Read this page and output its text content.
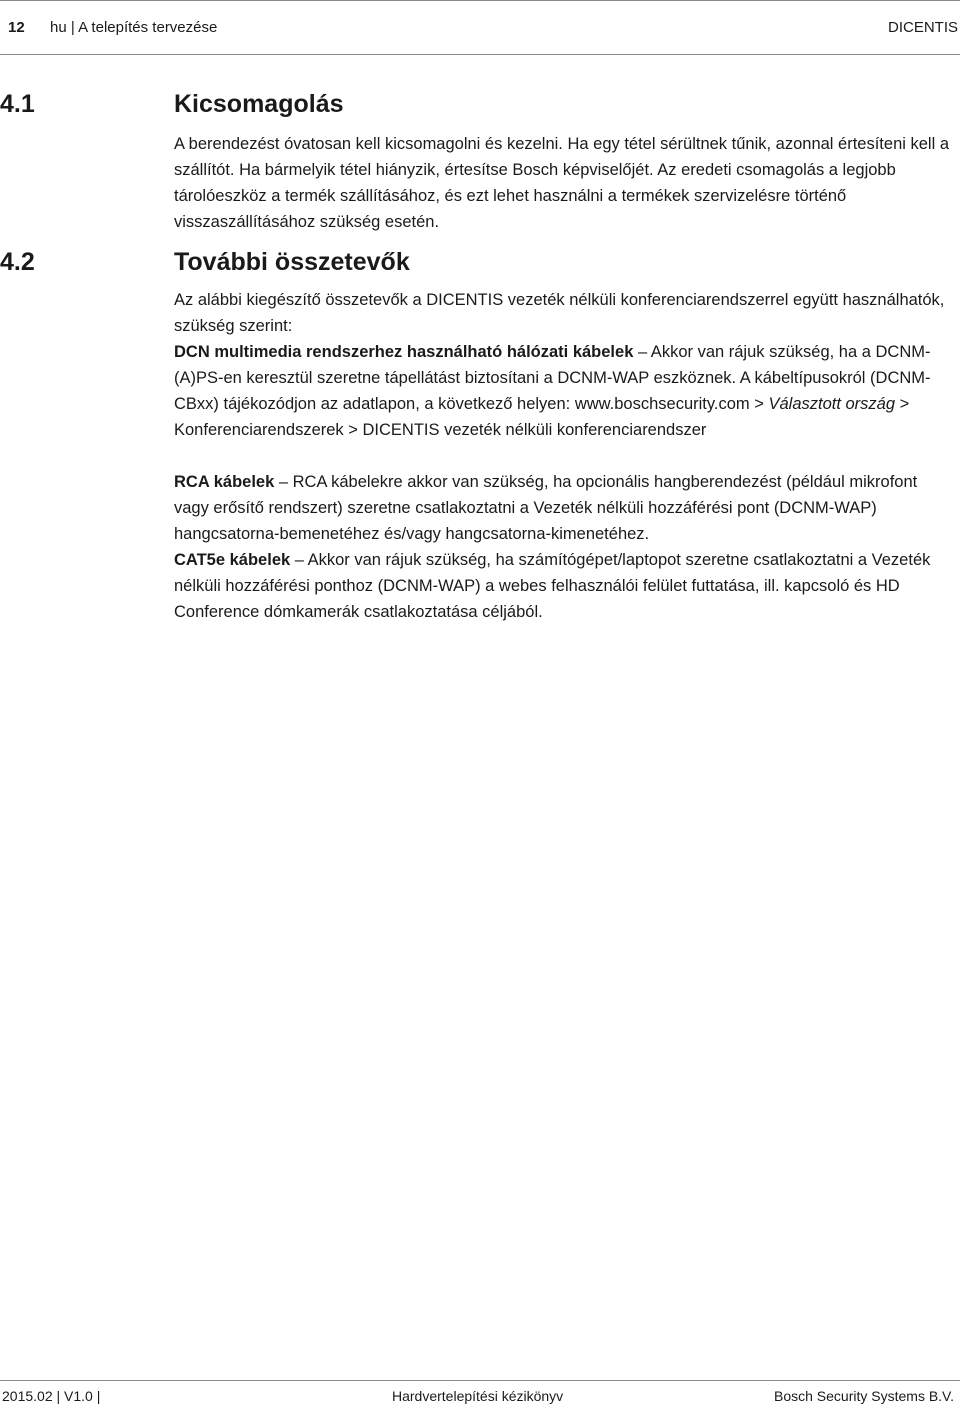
12 hu | A telepítés tervezése	DICENTIS
4.1	Kicsomagolás

A berendezést óvatosan kell kicsomagolni és kezelni. Ha egy tétel sérültnek tűnik, azonnal értesíteni kell a szállítót. Ha bármelyik tétel hiányzik, értesítse Bosch képviselőjét. Az eredeti csomagolás a legjobb tárolóeszköz a termék szállításához, és ezt lehet használni a termékek szervizelésre történő visszaszállításához szükség esetén.

4.2	További összetevők

Az alábbi kiegészítő összetevők a DICENTIS vezeték nélküli konferenciarendszerrel együtt használhatók, szükség szerint:

DCN multimedia rendszerhez használható hálózati kábelek – Akkor van rájuk szükség, ha a DCNM-(A)PS-en keresztül szeretne tápellátást biztosítani a DCNM-WAP eszköznek. A kábeltípusokról (DCNM-CBxx) tájékozódjon az adatlapon, a következő helyen: www.boschsecurity.com > Választott ország > Konferenciarendszerek > DICENTIS vezeték nélküli konferenciarendszer

RCA kábelek – RCA kábelekre akkor van szükség, ha opcionális hangberendezést (például mikrofont vagy erősítő rendszert) szeretne csatlakoztatni a Vezeték nélküli hozzáférési pont (DCNM-WAP) hangcsatorna-bemenetéhez és/vagy hangcsatorna-kimenetéhez.

CAT5e kábelek – Akkor van rájuk szükség, ha számítógépet/laptopot szeretne csatlakoztatni a Vezeték nélküli hozzáférési ponthoz (DCNM-WAP) a webes felhasználói felület futtatása, ill. kapcsoló és HD Conference dómkamerák csatlakoztatása céljából.

2015.02 | V1.0 |	Hardvertelepítési kézikönyv	Bosch Security Systems B.V.
